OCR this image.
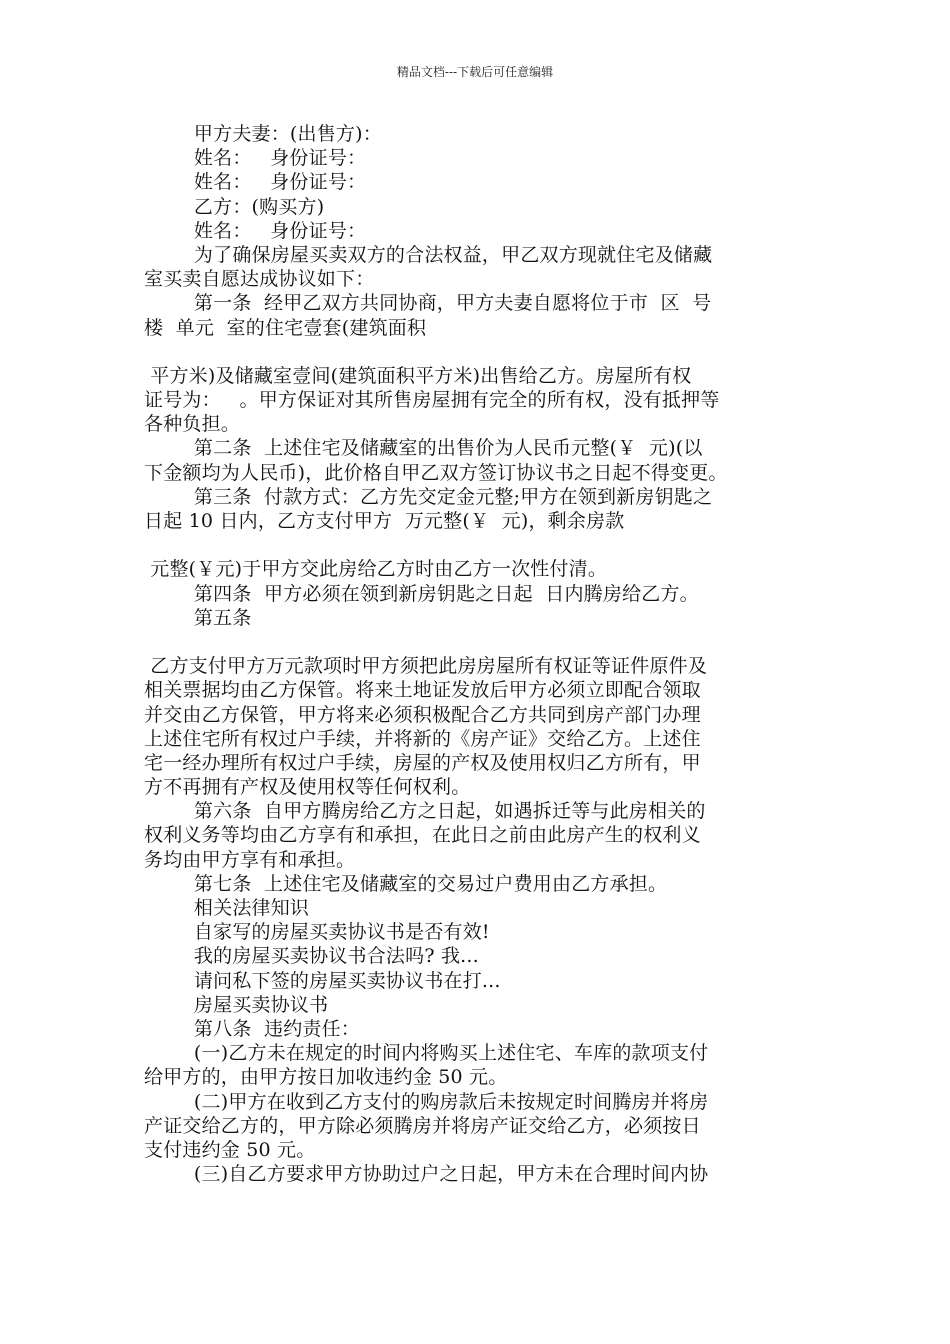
精品文档---下载后可任意编辑
甲方夫妻：(出售方)：
姓名：   身份证号：
姓名：   身份证号：
乙方：(购买方)
姓名：   身份证号：
为了确保房屋买卖双方的合法权益，甲乙双方现就住宅及储藏
室买卖自愿达成协议如下：
第一条  经甲乙双方共同协商，甲方夫妻自愿将位于市  区  号
楼  单元  室的住宅壹套(建筑面积
平方米)及储藏室壹间(建筑面积平方米)出售给乙方。房屋所有权
证号为：   。甲方保证对其所售房屋拥有完全的所有权，没有抵押等
各种负担。
第二条  上述住宅及储藏室的出售价为人民币元整(￥  元)(以
下金额均为人民币)，此价格自甲乙双方签订协议书之日起不得变更。
第三条  付款方式：乙方先交定金元整;甲方在领到新房钥匙之
日起 10 日内，乙方支付甲方  万元整(￥  元)，剩余房款
元整(￥元)于甲方交此房给乙方时由乙方一次性付清。
第四条  甲方必须在领到新房钥匙之日起  日内腾房给乙方。
第五条
乙方支付甲方万元款项时甲方须把此房房屋所有权证等证件原件及
相关票据均由乙方保管。将来土地证发放后甲方必须立即配合领取
并交由乙方保管，甲方将来必须积极配合乙方共同到房产部门办理
上述住宅所有权过户手续，并将新的《房产证》交给乙方。上述住
宅一经办理所有权过户手续，房屋的产权及使用权归乙方所有，甲
方不再拥有产权及使用权等任何权利。
第六条  自甲方腾房给乙方之日起，如遇拆迁等与此房相关的
权利义务等均由乙方享有和承担，在此日之前由此房产生的权利义
务均由甲方享有和承担。
第七条  上述住宅及储藏室的交易过户费用由乙方承担。
相关法律知识
自家写的房屋买卖协议书是否有效!
我的房屋买卖协议书合法吗? 我...
请问私下签的房屋买卖协议书在打...
房屋买卖协议书
第八条  违约责任：
(一)乙方未在规定的时间内将购买上述住宅、车库的款项支付
给甲方的，由甲方按日加收违约金 50 元。
(二)甲方在收到乙方支付的购房款后未按规定时间腾房并将房
产证交给乙方的，甲方除必须腾房并将房产证交给乙方，必须按日
支付违约金 50 元。
(三)自乙方要求甲方协助过户之日起，甲方未在合理时间内协
